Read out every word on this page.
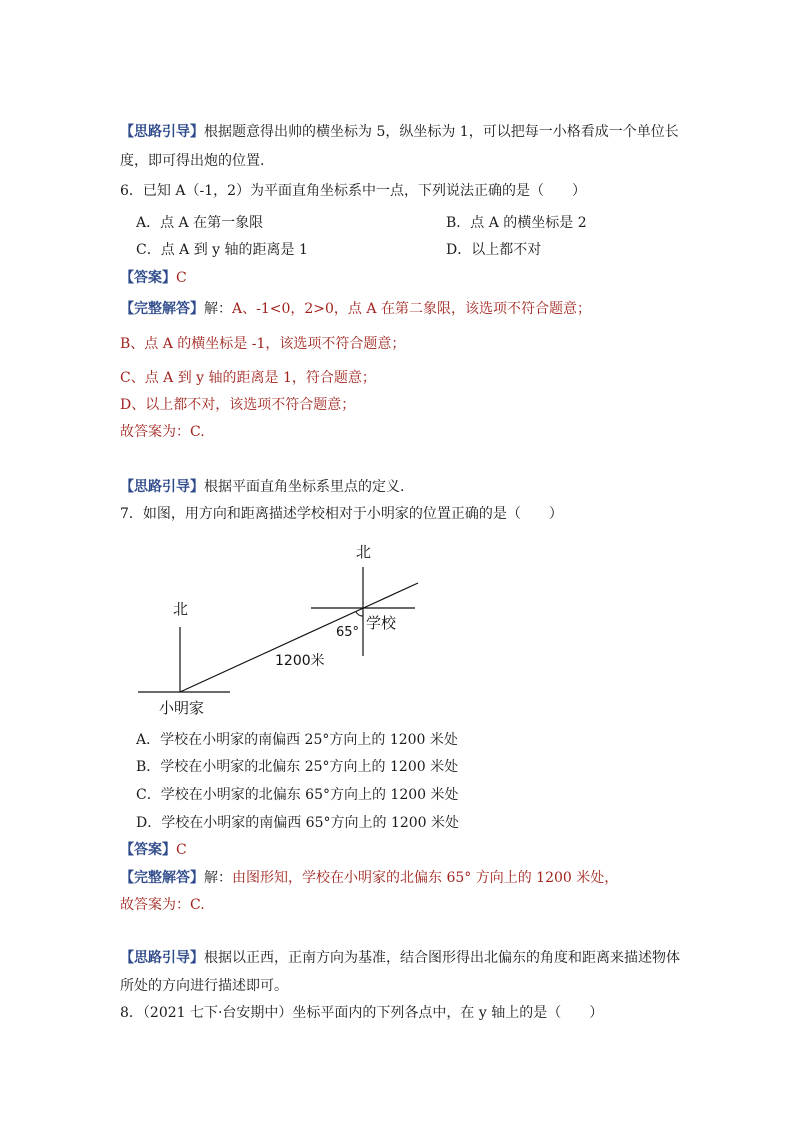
【思路引导】根据题意得出帅的横坐标为 5，纵坐标为 1，可以把每一小格看成一个单位长
度，即可得出炮的位置.
6．已知 A（-1，2）为平面直角坐标系中一点，下列说法正确的是（　　）
A．点 A 在第一象限	B．点 A 的横坐标是 2
C．点 A 到 y 轴的距离是 1	D．以上都不对
【答案】C
【完整解答】解：A、-1<0，2>0，点 A 在第二象限，该选项不符合题意；
B、点 A 的横坐标是 -1，该选项不符合题意；
C、点 A 到 y 轴的距离是 1，符合题意；
D、以上都不对，该选项不符合题意；
故答案为：C.
【思路引导】根据平面直角坐标系里点的定义.
7．如图，用方向和距离描述学校相对于小明家的位置正确的是（　　）
北
北
学校
65°
1200米
小明家
A．学校在小明家的南偏西 25°方向上的 1200 米处
B．学校在小明家的北偏东 25°方向上的 1200 米处
C．学校在小明家的北偏东 65°方向上的 1200 米处
D．学校在小明家的南偏西 65°方向上的 1200 米处
【答案】C
【完整解答】解：由图形知，学校在小明家的北偏东 65° 方向上的 1200 米处，
故答案为：C.
【思路引导】根据以正西，正南方向为基准，结合图形得出北偏东的角度和距离来描述物体
所处的方向进行描述即可。
8．（2021 七下·台安期中）坐标平面内的下列各点中，在 y 轴上的是（　　）
